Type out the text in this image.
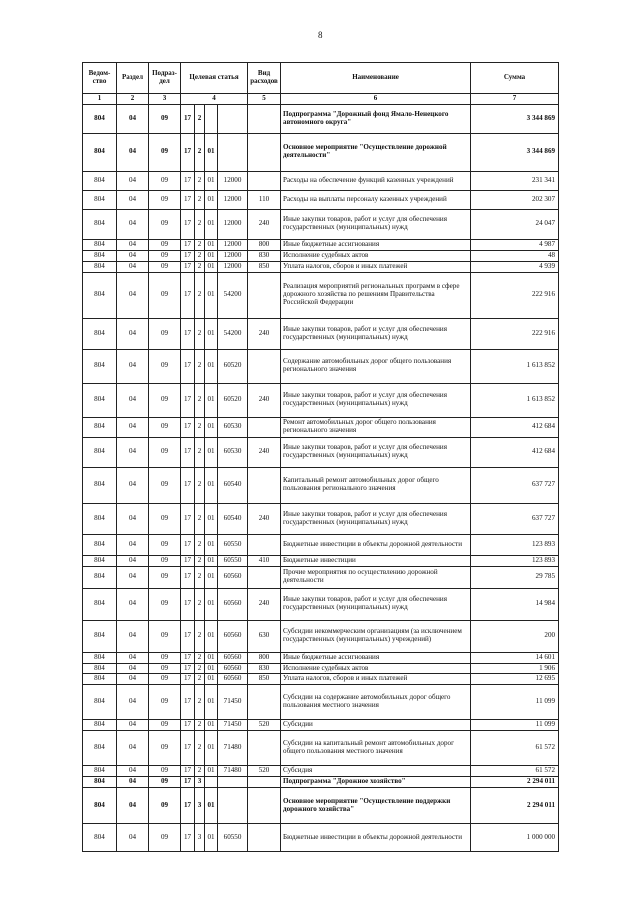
8
Ведом-ство	Раздел	Подраз-дел	Целевая статья				Вид расходов	Наименование	Сумма
1	2	3	4				5	6	7
804	04	09	17	2				Подпрограмма "Дорожный фонд Ямало-Ненецкого автономного округа"	3 344 869
804	04	09	17	2	01			Основное мероприятие "Осуществление дорожной деятельности"	3 344 869
804	04	09	17	2	01	12000		Расходы на обеспечение функций казенных учреждений	231 341
804	04	09	17	2	01	12000	110	Расходы на выплаты персоналу казенных учреждений	202 307
804	04	09	17	2	01	12000	240	Иные закупки товаров, работ и услуг для обеспечения государственных (муниципальных) нужд	24 047
804	04	09	17	2	01	12000	800	Иные бюджетные ассигнования	4 987
804	04	09	17	2	01	12000	830	Исполнение судебных актов	48
804	04	09	17	2	01	12000	850	Уплата налогов, сборов и иных платежей	4 939
804	04	09	17	2	01	54200		Реализация мероприятий региональных программ в сфере дорожного хозяйства по решениям Правительства Российской Федерации	222 916
804	04	09	17	2	01	54200	240	Иные закупки товаров, работ и услуг для обеспечения государственных (муниципальных) нужд	222 916
804	04	09	17	2	01	60520		Содержание автомобильных дорог общего пользования регионального значения	1 613 852
804	04	09	17	2	01	60520	240	Иные закупки товаров, работ и услуг для обеспечения государственных (муниципальных) нужд	1 613 852
804	04	09	17	2	01	60530		Ремонт автомобильных дорог общего пользования регионального значения	412 684
804	04	09	17	2	01	60530	240	Иные закупки товаров, работ и услуг для обеспечения государственных (муниципальных) нужд	412 684
804	04	09	17	2	01	60540		Капитальный ремонт автомобильных дорог общего пользования регионального значения	637 727
804	04	09	17	2	01	60540	240	Иные закупки товаров, работ и услуг для обеспечения государственных (муниципальных) нужд	637 727
804	04	09	17	2	01	60550		Бюджетные инвестиции в объекты дорожной деятельности	123 893
804	04	09	17	2	01	60550	410	Бюджетные инвестиции	123 893
804	04	09	17	2	01	60560		Прочие мероприятия по осуществлению дорожной деятельности	29 785
804	04	09	17	2	01	60560	240	Иные закупки товаров, работ и услуг для обеспечения государственных (муниципальных) нужд	14 984
804	04	09	17	2	01	60560	630	Субсидии некоммерческим организациям (за исключением государственных (муниципальных) учреждений)	200
804	04	09	17	2	01	60560	800	Иные бюджетные ассигнования	14 601
804	04	09	17	2	01	60560	830	Исполнение судебных актов	1 906
804	04	09	17	2	01	60560	850	Уплата налогов, сборов и иных платежей	12 695
804	04	09	17	2	01	71450		Субсидии на содержание автомобильных дорог общего пользования местного значения	11 099
804	04	09	17	2	01	71450	520	Субсидии	11 099
804	04	09	17	2	01	71480		Субсидии на капитальный ремонт автомобильных дорог общего пользования местного значения	61 572
804	04	09	17	2	01	71480	520	Субсидия	61 572
804	04	09	17	3				Подпрограмма "Дорожное хозяйство"	2 294 011
804	04	09	17	3	01			Основное мероприятие "Осуществление поддержки дорожного хозяйства"	2 294 011
804	04	09	17	3	01	60550		Бюджетные инвестиции в объекты дорожной деятельности	1 000 000
